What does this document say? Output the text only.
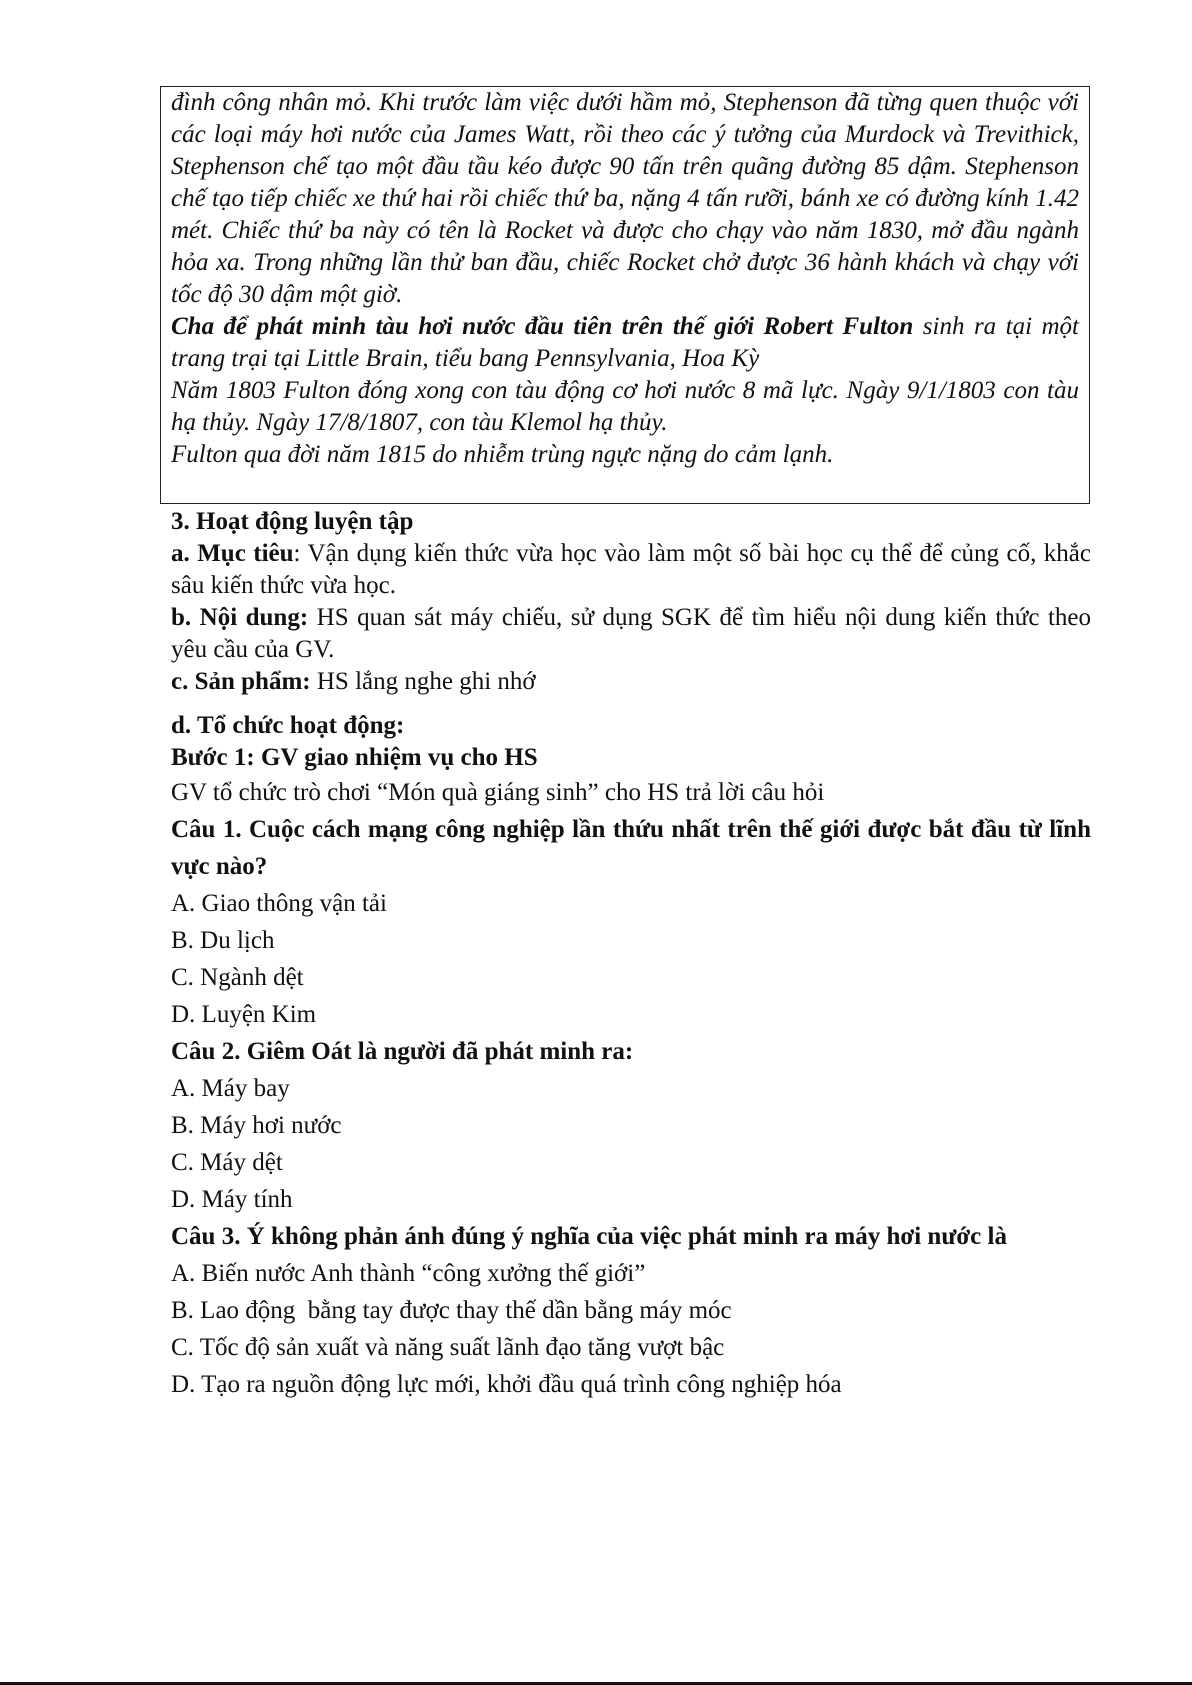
đình công nhân mỏ. Khi trước làm việc dưới hầm mỏ, Stephenson đã từng quen thuộc với các loại máy hơi nước của James Watt, rồi theo các ý tưởng của Murdock và Trevithick, Stephenson chế tạo một đầu tầu kéo được 90 tấn trên quãng đường 85 dậm. Stephenson chế tạo tiếp chiếc xe thứ hai rồi chiếc thứ ba, nặng 4 tấn rưỡi, bánh xe có đường kính 1.42 mét. Chiếc thứ ba này có tên là Rocket và được cho chạy vào năm 1830, mở đầu ngành hỏa xa. Trong những lần thử ban đầu, chiếc Rocket chở được 36 hành khách và chạy với tốc độ 30 dậm một giờ.

Cha để phát minh tàu hơi nước đầu tiên trên thế giới Robert Fulton sinh ra tại một trang trại tại Little Brain, tiểu bang Pennsylvania, Hoa Kỳ

Năm 1803 Fulton đóng xong con tàu động cơ hơi nước 8 mã lực. Ngày 9/1/1803 con tàu hạ thủy. Ngày 17/8/1807, con tàu Klemol hạ thủy.

Fulton qua đời năm 1815 do nhiễm trùng ngực nặng do cảm lạnh.

3. Hoạt động luyện tập

a. Mục tiêu: Vận dụng kiến thức vừa học vào làm một số bài học cụ thể để củng cố, khắc sâu kiến thức vừa học.

b. Nội dung: HS quan sát máy chiếu, sử dụng SGK để tìm hiểu nội dung kiến thức theo yêu cầu của GV.

c. Sản phẩm: HS lắng nghe ghi nhớ

d. Tổ chức hoạt động:

Bước 1: GV giao nhiệm vụ cho HS

GV tổ chức trò chơi “Món quà giáng sinh” cho HS trả lời câu hỏi

Câu 1. Cuộc cách mạng công nghiệp lần thứu nhất trên thế giới được bắt đầu từ lĩnh vực nào?

A. Giao thông vận tải

B. Du lịch

C. Ngành dệt

D. Luyện Kim

Câu 2. Giêm Oát là người đã phát minh ra:

A. Máy bay

B. Máy hơi nước

C. Máy dệt

D. Máy tính

Câu 3. Ý không phản ánh đúng ý nghĩa của việc phát minh ra máy hơi nước là

A. Biến nước Anh thành “công xưởng thế giới”

B. Lao động  bằng tay được thay thế dần bằng máy móc

C. Tốc độ sản xuất và năng suất lãnh đạo tăng vượt bậc

D. Tạo ra nguồn động lực mới, khởi đầu quá trình công nghiệp hóa
